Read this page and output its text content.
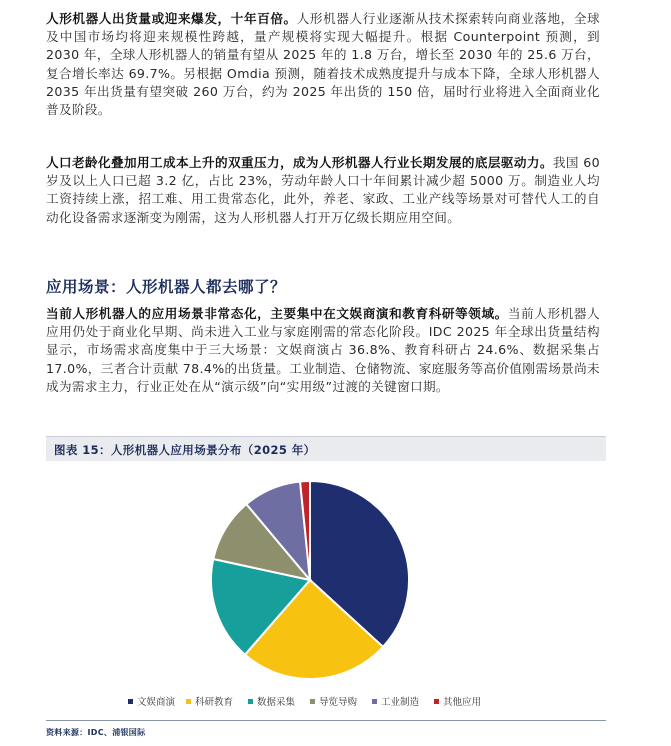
人形机器人出货量或迎来爆发，十年百倍。人形机器人行业逐渐从技术探索转向商业落地，全球及中国市场均将迎来规模性跨越，量产规模将实现大幅提升。根据 Counterpoint 预测，到 2030 年，全球人形机器人的销量有望从 2025 年的 1.8 万台，增长至 2030 年的 25.6 万台，复合增长率达 69.7%。另根据 Omdia 预测，随着技术成熟度提升与成本下降，全球人形机器人 2035 年出货量有望突破 260 万台，约为 2025 年出货的 150 倍，届时行业将进入全面商业化普及阶段。

人口老龄化叠加用工成本上升的双重压力，成为人形机器人行业长期发展的底层驱动力。我国 60 岁及以上人口已超 3.2 亿，占比 23%，劳动年龄人口十年间累计减少超 5000 万。制造业人均工资持续上涨，招工难、用工贵常态化，此外，养老、家政、工业产线等场景对可替代人工的自动化设备需求逐渐变为刚需，这为人形机器人打开万亿级长期应用空间。

应用场景：人形机器人都去哪了？

当前人形机器人的应用场景非常态化，主要集中在文娱商演和教育科研等领域。当前人形机器人应用仍处于商业化早期、尚未进入工业与家庭刚需的常态化阶段。IDC 2025 年全球出货量结构显示，市场需求高度集中于三大场景：文娱商演占 36.8%、教育科研占 24.6%、数据采集占 17.0%，三者合计贡献 78.4%的出货量。工业制造、仓储物流、家庭服务等高价值刚需场景尚未成为需求主力，行业正处在从“演示级”向“实用级”过渡的关键窗口期。

图表 15：人形机器人应用场景分布（2025 年）
文娱商演	科研教育	数据采集	导览导购	工业制造	其他应用
资料来源：IDC、浦银国际
